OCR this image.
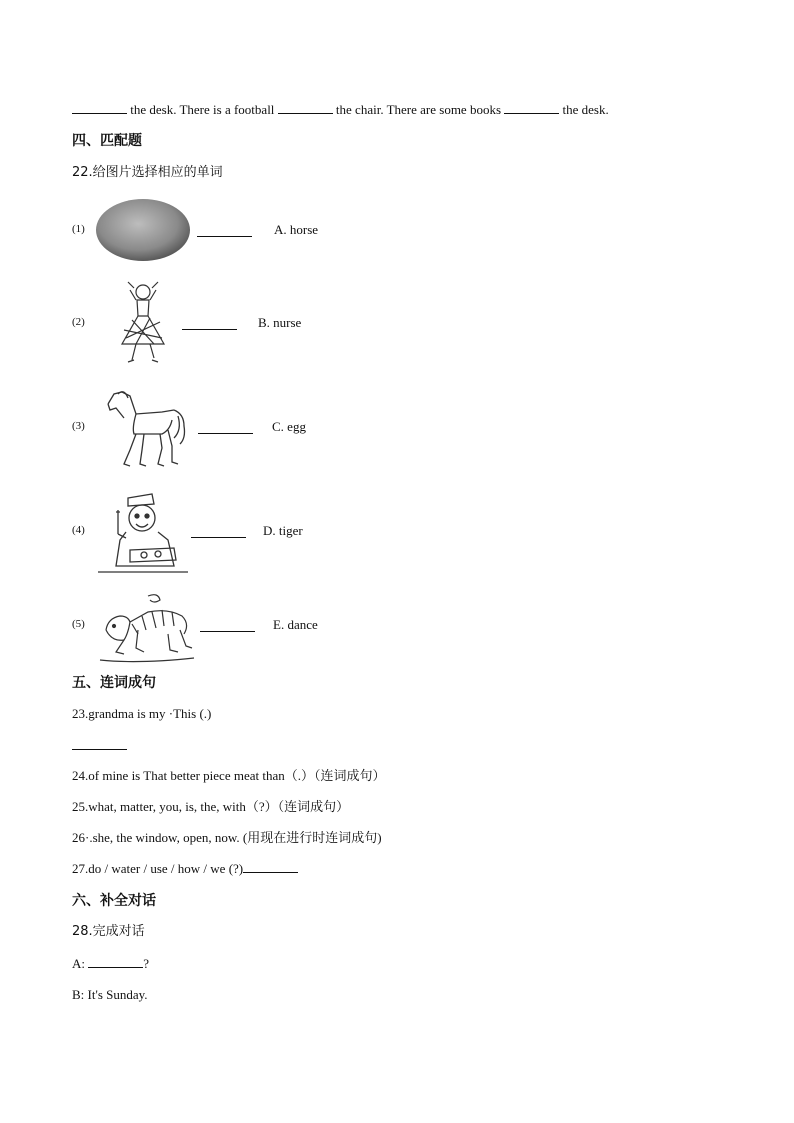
the desk. There is a football	the chair. There are some books	the desk.
四、匹配题
22.给图片选择相应的单词
(1)	A. horse
(2)	B. nurse
(3)	C. egg
(4)	D. tiger
(5)	E. dance
五、连词成句
23.grandma is my ·This (.)
24.of mine is That better piece meat than（.）（连词成句）
25.what, matter, you, is, the, with（?）（连词成句）
26·.she, the window, open, now. (用现在进行时连词成句)
27.do / water / use / how / we (?)
六、补全对话
28.完成对话
A:	?
B: It's Sunday.
